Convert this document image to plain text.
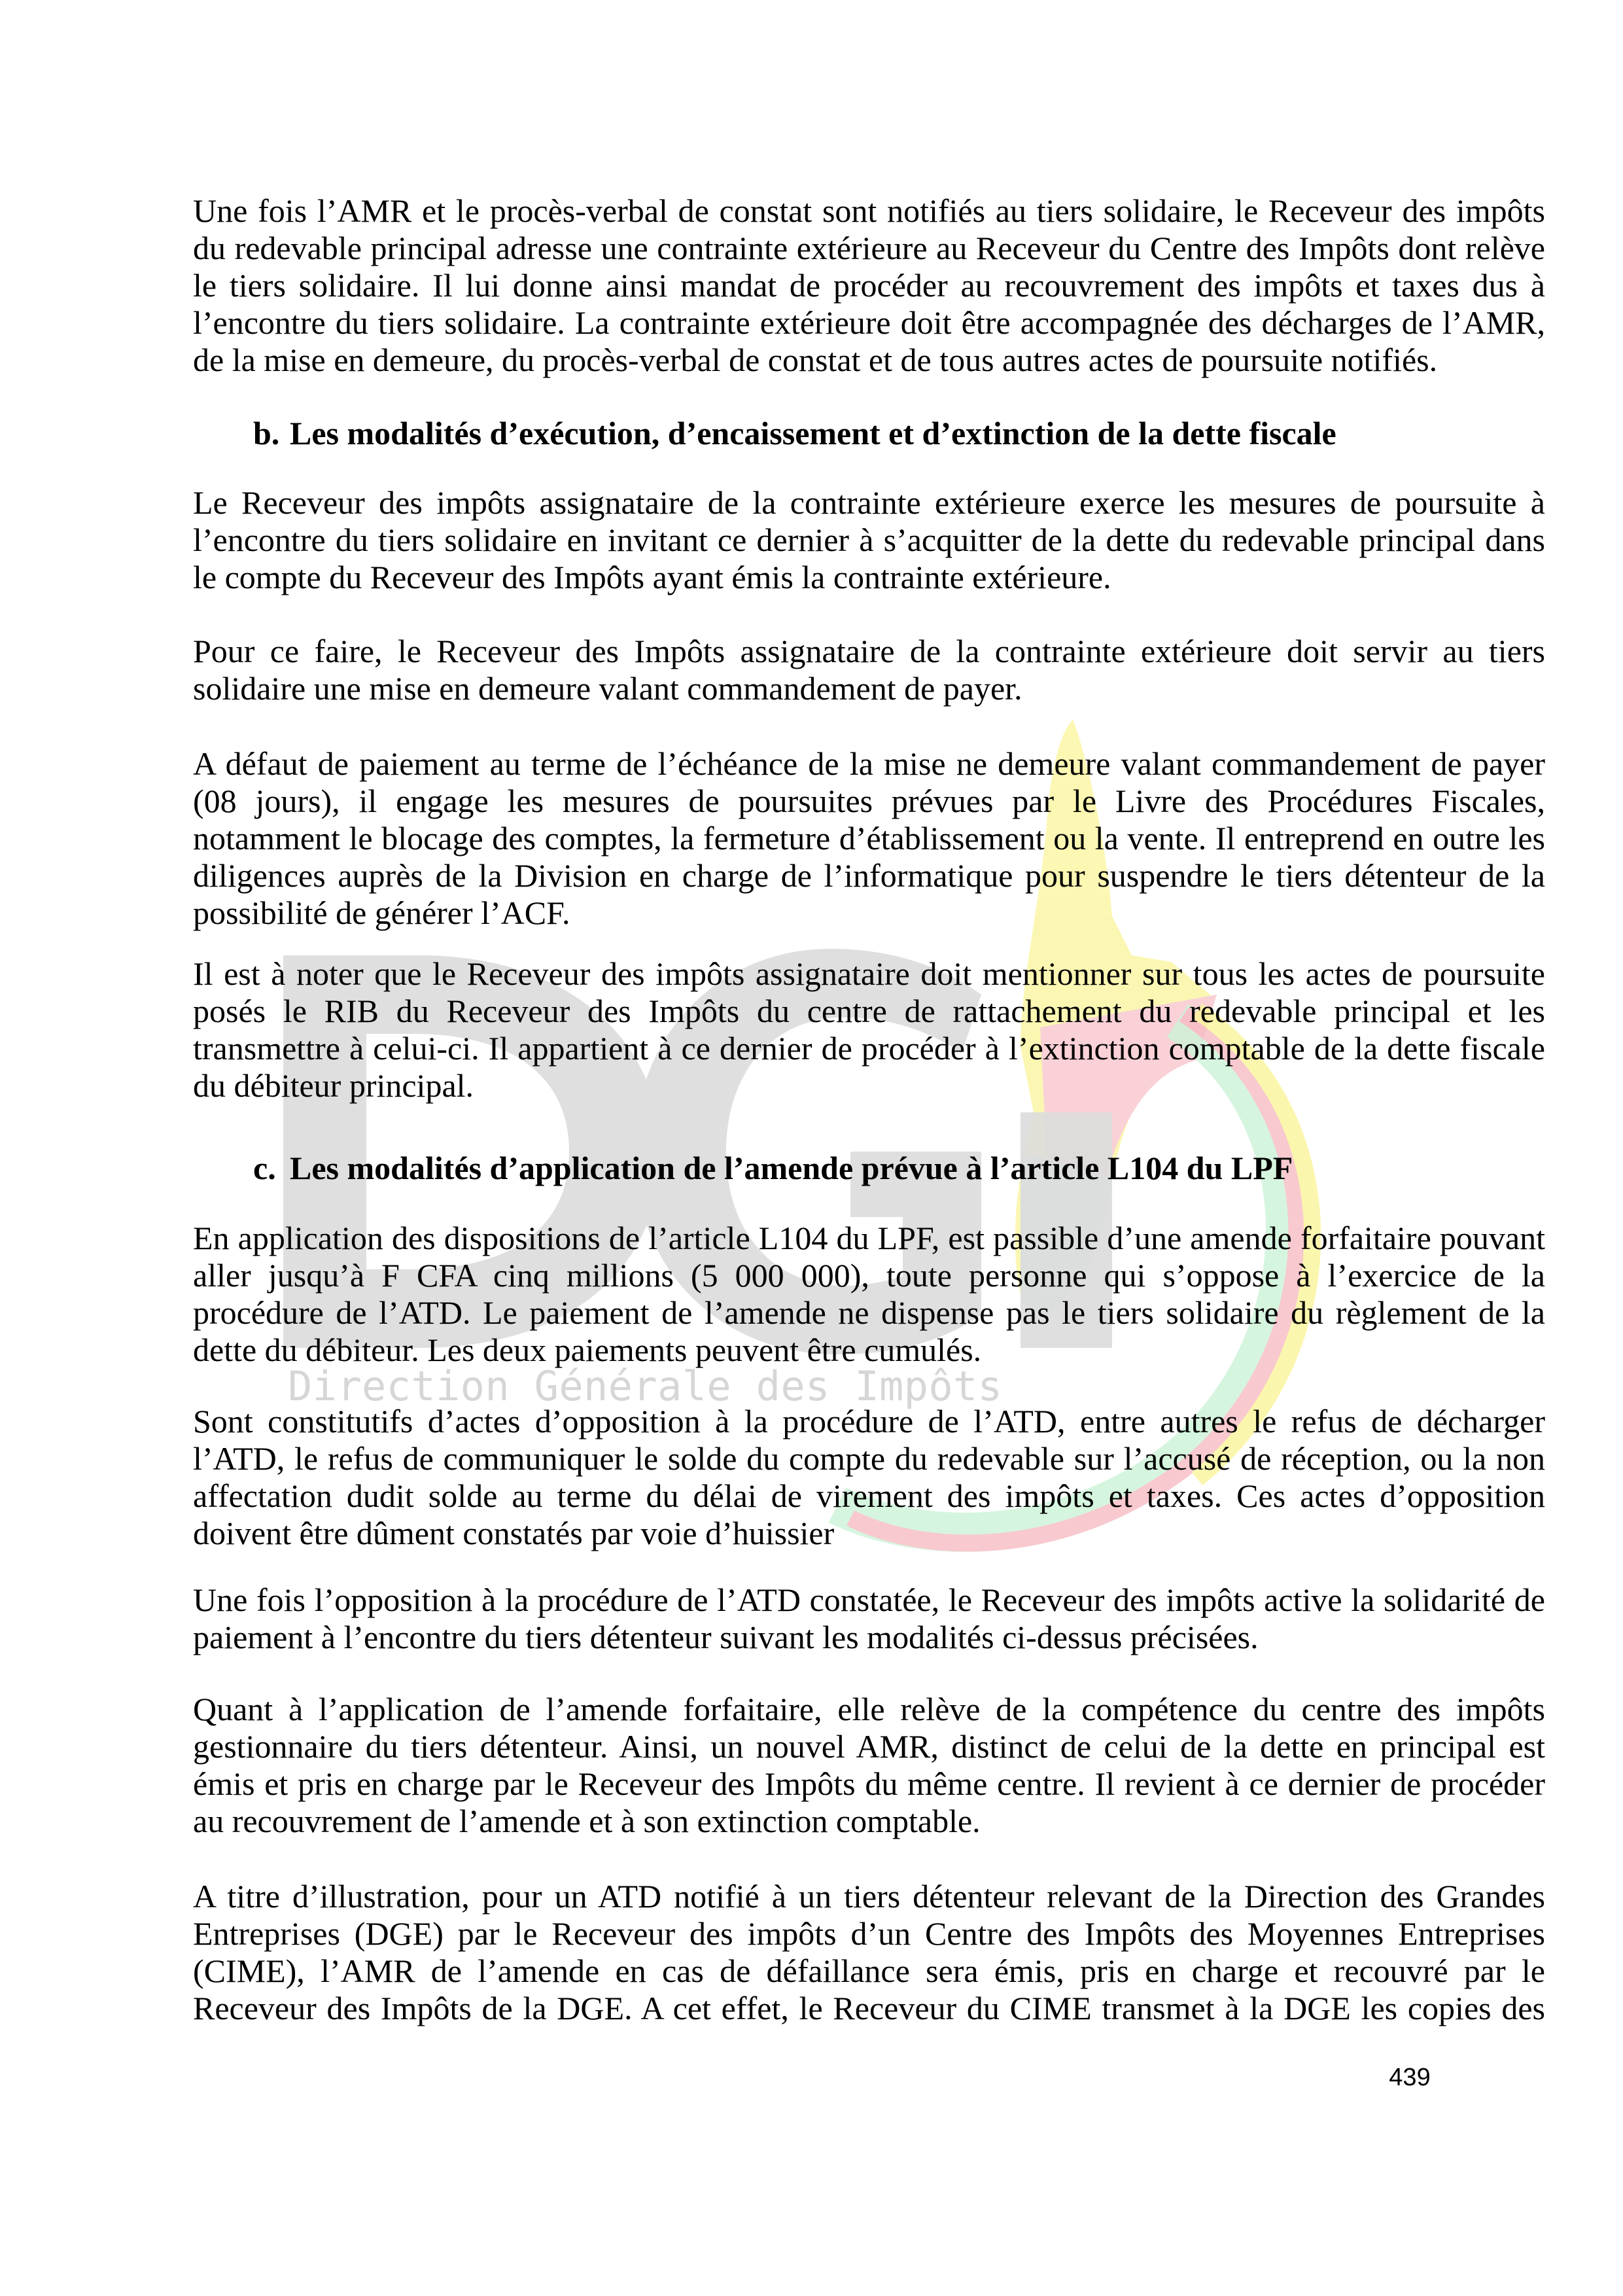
Direction Générale des Impôts
Une fois l’AMR et le procès-verbal de constat sont notifiés au tiers solidaire, le Receveur des impôts
du redevable principal adresse une contrainte extérieure au Receveur du Centre des Impôts dont relève
le tiers solidaire. Il lui donne ainsi mandat de procéder au recouvrement des impôts et taxes dus à
l’encontre du tiers solidaire. La contrainte extérieure doit être accompagnée des décharges de l’AMR,
de la mise en demeure, du procès-verbal de constat et de tous autres actes de poursuite notifiés.
b. Les modalités d’exécution, d’encaissement et d’extinction de la dette fiscale
Le Receveur des impôts assignataire de la contrainte extérieure exerce les mesures de poursuite à
l’encontre du tiers solidaire en invitant ce dernier à s’acquitter de la dette du redevable principal dans
le compte du Receveur des Impôts ayant émis la contrainte extérieure.
Pour ce faire, le Receveur des Impôts assignataire de la contrainte extérieure doit servir au tiers
solidaire une mise en demeure valant commandement de payer.
A défaut de paiement au terme de l’échéance de la mise ne demeure valant commandement de payer
(08 jours), il engage les mesures de poursuites prévues par le Livre des Procédures Fiscales,
notamment le blocage des comptes, la fermeture d’établissement ou la vente. Il entreprend en outre les
diligences auprès de la Division en charge de l’informatique pour suspendre le tiers détenteur de la
possibilité de générer l’ACF.
Il est à noter que le Receveur des impôts assignataire doit mentionner sur tous les actes de poursuite
posés le RIB du Receveur des Impôts du centre de rattachement du redevable principal et les
transmettre à celui-ci. Il appartient à ce dernier de procéder à l’extinction comptable de la dette fiscale
du débiteur principal.
c. Les modalités d’application de l’amende prévue à l’article L104 du LPF
En application des dispositions de l’article L104 du LPF, est passible d’une amende forfaitaire pouvant
aller jusqu’à F CFA cinq millions (5 000 000), toute personne qui s’oppose à l’exercice de la
procédure de l’ATD. Le paiement de l’amende ne dispense pas le tiers solidaire du règlement de la
dette du débiteur. Les deux paiements peuvent être cumulés.
Sont constitutifs d’actes d’opposition à la procédure de l’ATD, entre autres le refus de décharger
l’ATD, le refus de communiquer le solde du compte du redevable sur l’accusé de réception, ou la non
affectation dudit solde au terme du délai de virement des impôts et taxes. Ces actes d’opposition
doivent être dûment constatés par voie d’huissier
Une fois l’opposition à la procédure de l’ATD constatée, le Receveur des impôts active la solidarité de
paiement à l’encontre du tiers détenteur suivant les modalités ci-dessus précisées.
Quant à l’application de l’amende forfaitaire, elle relève de la compétence du centre des impôts
gestionnaire du tiers détenteur. Ainsi, un nouvel AMR, distinct de celui de la dette en principal est
émis et pris en charge par le Receveur des Impôts du même centre. Il revient à ce dernier de procéder
au recouvrement de l’amende et à son extinction comptable.
A titre d’illustration, pour un ATD notifié à un tiers détenteur relevant de la Direction des Grandes
Entreprises (DGE) par le Receveur des impôts d’un Centre des Impôts des Moyennes Entreprises
(CIME), l’AMR de l’amende en cas de défaillance sera émis, pris en charge et recouvré par le
Receveur des Impôts de la DGE. A cet effet, le Receveur du CIME transmet à la DGE les copies des
439
